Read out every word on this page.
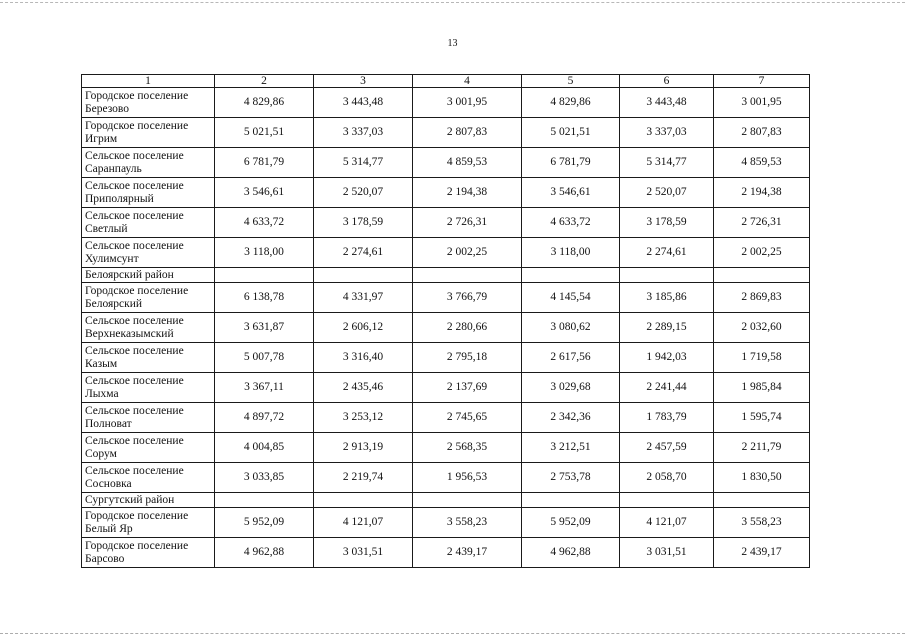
13
1	2	3	4	5	6	7

Городское поселение
Березово	4 829,86	3 443,48	3 001,95	4 829,86	3 443,48	3 001,95

Городское поселение
Игрим	5 021,51	3 337,03	2 807,83	5 021,51	3 337,03	2 807,83

Сельское поселение
Саранпауль	6 781,79	5 314,77	4 859,53	6 781,79	5 314,77	4 859,53

Сельское поселение
Приполярный	3 546,61	2 520,07	2 194,38	3 546,61	2 520,07	2 194,38

Сельское поселение
Светлый	4 633,72	3 178,59	2 726,31	4 633,72	3 178,59	2 726,31

Сельское поселение
Хулимсунт	3 118,00	2 274,61	2 002,25	3 118,00	2 274,61	2 002,25
Белоярский район						

Городское поселение
Белоярский	6 138,78	4 331,97	3 766,79	4 145,54	3 185,86	2 869,83

Сельское поселение
Верхнеказымский	3 631,87	2 606,12	2 280,66	3 080,62	2 289,15	2 032,60

Сельское поселение
Казым	5 007,78	3 316,40	2 795,18	2 617,56	1 942,03	1 719,58

Сельское поселение
Лыхма	3 367,11	2 435,46	2 137,69	3 029,68	2 241,44	1 985,84

Сельское поселение
Полноват	4 897,72	3 253,12	2 745,65	2 342,36	1 783,79	1 595,74

Сельское поселение
Сорум	4 004,85	2 913,19	2 568,35	3 212,51	2 457,59	2 211,79

Сельское поселение
Сосновка	3 033,85	2 219,74	1 956,53	2 753,78	2 058,70	1 830,50
Сургутский район						

Городское поселение
Белый Яр	5 952,09	4 121,07	3 558,23	5 952,09	4 121,07	3 558,23

Городское поселение
Барсово	4 962,88	3 031,51	2 439,17	4 962,88	3 031,51	2 439,17
